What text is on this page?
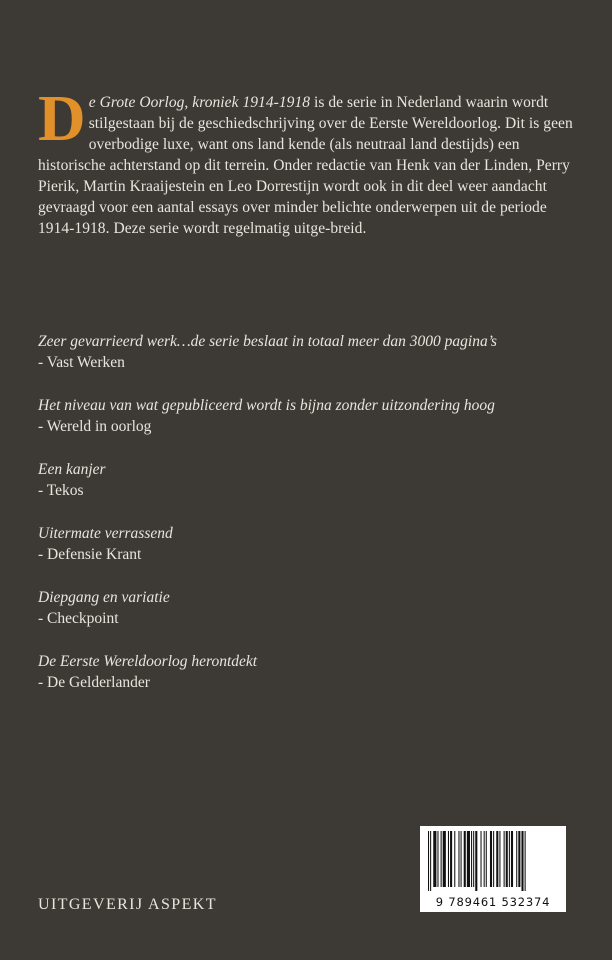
D e Grote Oorlog, kroniek 1914-1918 is de serie in Nederland waarin wordt stilgestaan bij de geschiedschrijving over de Eerste Wereldoorlog. Dit is geen overbodige luxe, want ons land kende (als neutraal land destijds) een historische achterstand op dit terrein. Onder redactie van Henk van der Linden, Perry Pierik, Martin Kraaijestein en Leo Dorrestijn wordt ook in dit deel weer aandacht gevraagd voor een aantal essays over minder belichte onderwerpen uit de periode 1914-1918. Deze serie wordt regelmatig uitge-breid.

Zeer gevarrieerd werk…de serie beslaat in totaal meer dan 3000 pagina’s
- Vast Werken
Het niveau van wat gepubliceerd wordt is bijna zonder uitzondering hoog
- Wereld in oorlog
Een kanjer
- Tekos
Uitermate verrassend
- Defensie Krant
Diepgang en variatie
- Checkpoint
De Eerste Wereldoorlog herontdekt
- De Gelderlander
UITGEVERIJ ASPEKT	9 789461 532374
